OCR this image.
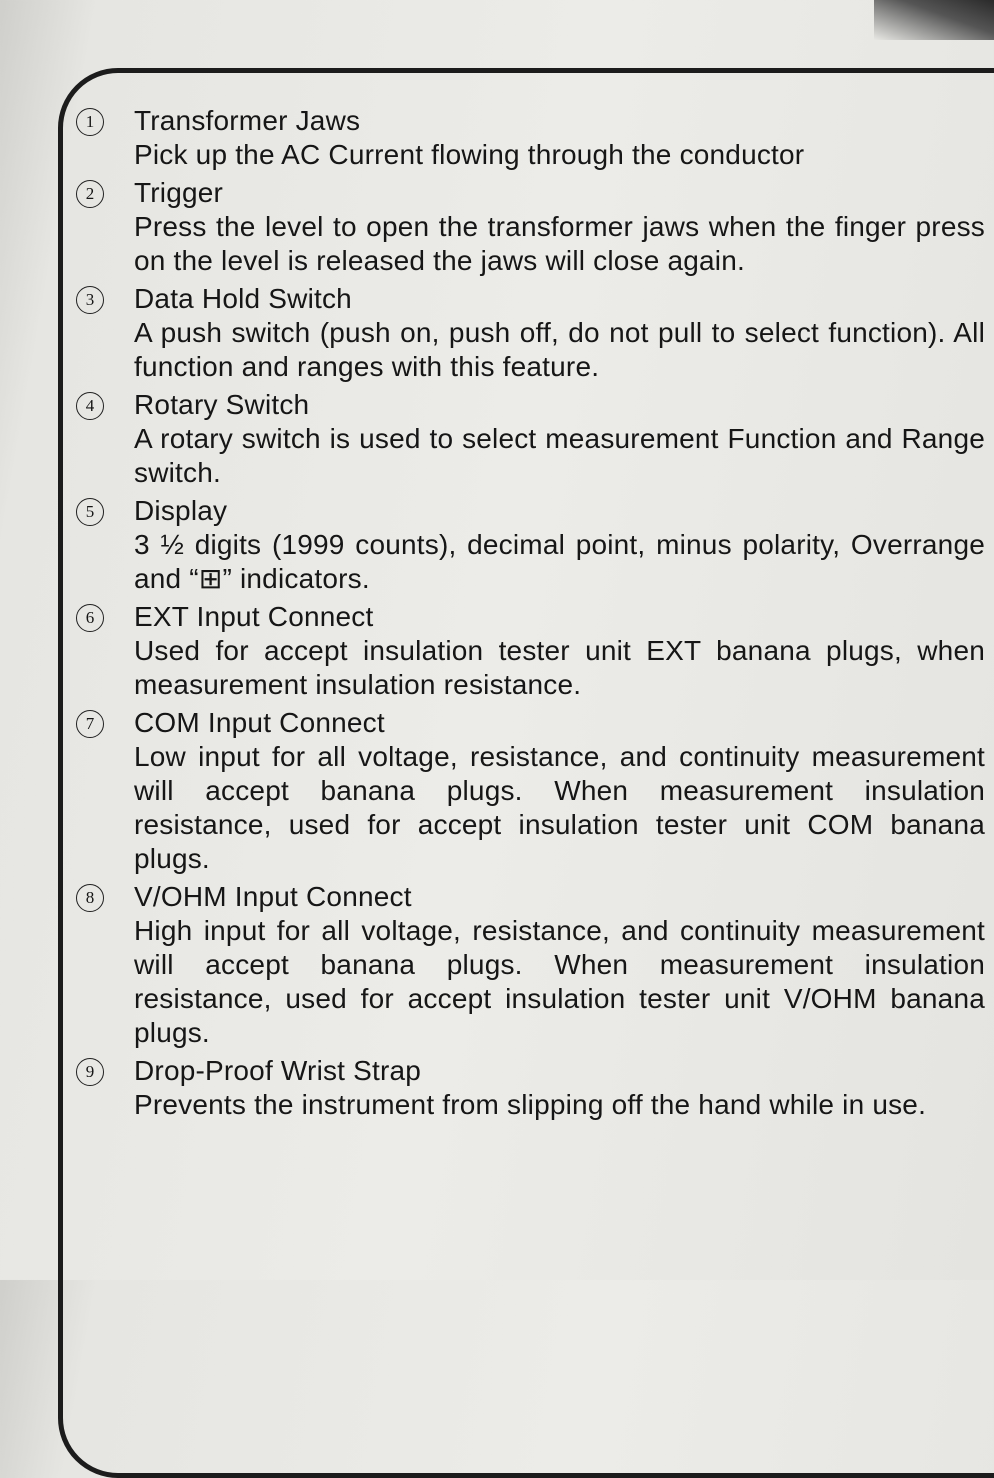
1	Transformer Jaws
Pick up the AC Current flowing through the conductor
2	Trigger
Press the level to open the transformer jaws when the finger press on the level is released the jaws will close again.
3	Data Hold Switch
A push switch (push on, push off, do not pull to select function). All function and ranges with this feature.
4	Rotary Switch
A rotary switch is used to select measurement Function and Range switch.
5	Display
3 ½ digits (1999 counts), decimal point, minus polarity, Overrange and “⊞” indicators.
6	EXT Input Connect
Used for accept insulation tester unit EXT banana plugs, when measurement insulation resistance.
7	COM Input Connect
Low input for all voltage, resistance, and continuity measurement will accept banana plugs. When measurement insulation resistance, used for accept insulation tester unit COM banana plugs.
8	V/OHM Input Connect
High input for all voltage, resistance, and continuity measurement will accept banana plugs. When measurement insulation resistance, used for accept insulation tester unit V/OHM banana plugs.
9	Drop-Proof Wrist Strap
Prevents the instrument from slipping off the hand while in use.
